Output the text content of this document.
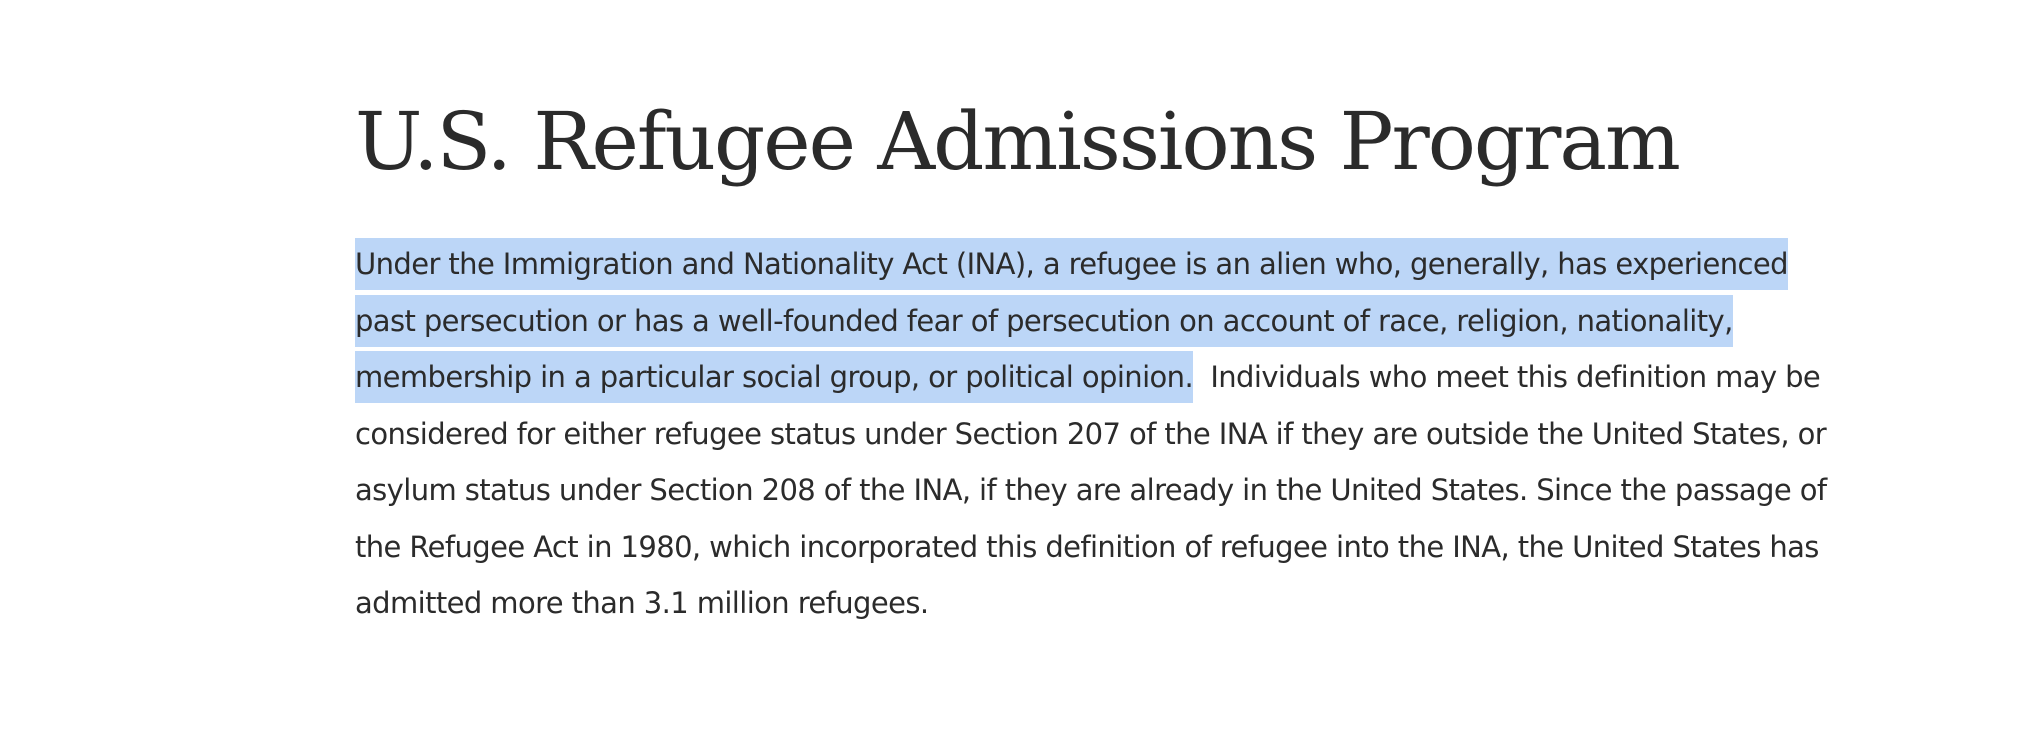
U.S. Refugee Admissions Program

Under the Immigration and Nationality Act (INA), a refugee is an alien who, generally, has experienced past persecution or has a well-founded fear of persecution on account of race, religion, nationality, membership in a particular social group, or political opinion. Individuals who meet this definition may be considered for either refugee status under Section 207 of the INA if they are outside the United States, or asylum status under Section 208 of the INA, if they are already in the United States. Since the passage of the Refugee Act in 1980, which incorporated this definition of refugee into the INA, the United States has admitted more than 3.1 million refugees.
